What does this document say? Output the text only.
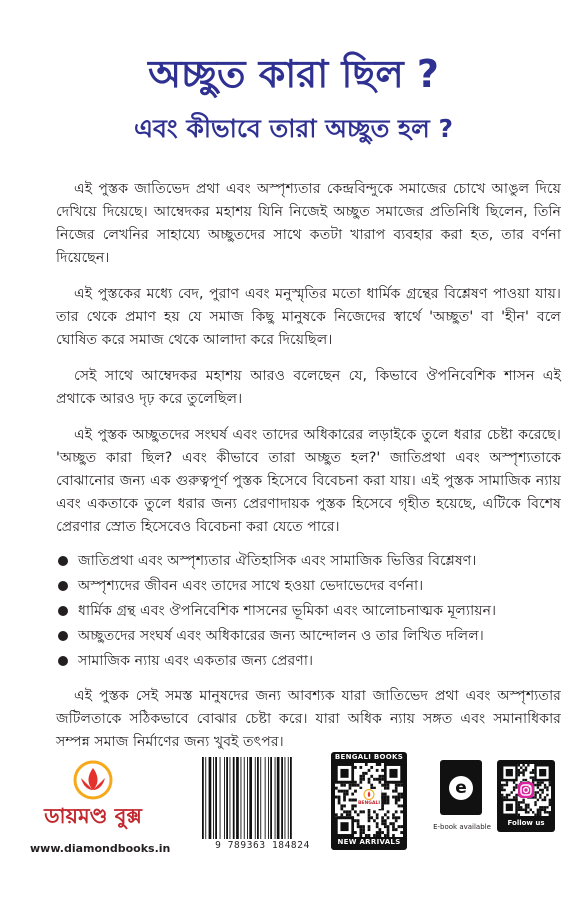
অচ্ছুত কারা ছিল ?
এবং কীভাবে তারা অচ্ছুত হল ?

এই পুস্তক জাতিভেদ প্রথা এবং অস্পৃশ্যতার কেন্দ্রবিন্দুকে সমাজের চোখে আঙুল দিয়ে দেখিয়ে দিয়েছে। আম্বেদকর মহাশয় যিনি নিজেই অচ্ছুত সমাজের প্রতিনিধি ছিলেন, তিনি নিজের লেখনির সাহায্যে অচ্ছুতদের সাথে কতটা খারাপ ব্যবহার করা হত, তার বর্ণনা দিয়েছেন।

এই পুস্তকের মধ্যে বেদ, পুরাণ এবং মনুস্মৃতির মতো ধার্মিক গ্রন্থের বিশ্লেষণ পাওয়া যায়। তার থেকে প্রমাণ হয় যে সমাজ কিছু মানুষকে নিজেদের স্বার্থে 'অচ্ছুত' বা 'হীন' বলে ঘোষিত করে সমাজ থেকে আলাদা করে দিয়েছিল।

সেই সাথে আম্বেদকর মহাশয় আরও বলেছেন যে, কিভাবে ঔপনিবেশিক শাসন এই প্রথাকে আরও দৃঢ় করে তুলেছিল।

এই পুস্তক অচ্ছুতদের সংঘর্ষ এবং তাদের অধিকারের লড়াইকে তুলে ধরার চেষ্টা করেছে। 'অচ্ছুত কারা ছিল? এবং কীভাবে তারা অচ্ছুত হল?' জাতিপ্রথা এবং অস্পৃশ্যতাকে বোঝানোর জন্য এক গুরুত্বপূর্ণ পুস্তক হিসেবে বিবেচনা করা যায়। এই পুস্তক সামাজিক ন্যায় এবং একতাকে তুলে ধরার জন্য প্রেরণাদায়ক পুস্তক হিসেবে গৃহীত হয়েছে, এটিকে বিশেষ প্রেরণার স্রোত হিসেবেও বিবেচনা করা যেতে পারে।

জাতিপ্রথা এবং অস্পৃশ্যতার ঐতিহাসিক এবং সামাজিক ভিত্তির বিশ্লেষণ।
অস্পৃশ্যদের জীবন এবং তাদের সাথে হওয়া ভেদাভেদের বর্ণনা।
ধার্মিক গ্রন্থ এবং ঔপনিবেশিক শাসনের ভূমিকা এবং আলোচনাত্মক মূল্যায়ন।
অচ্ছুতদের সংঘর্ষ এবং অধিকারের জন্য আন্দোলন ও তার লিখিত দলিল।
সামাজিক ন্যায় এবং একতার জন্য প্রেরণা।

এই পুস্তক সেই সমস্ত মানুষদের জন্য আবশ্যক যারা জাতিভেদ প্রথা এবং অস্পৃশ্যতার জটিলতাকে সঠিকভাবে বোঝার চেষ্টা করে। যারা অধিক ন্যায় সঙ্গত এবং সমানাধিকার সম্পন্ন সমাজ নির্মাণের জন্য খুবই তৎপর।

ডায়মণ্ড বুক্স
www.diamondbooks.in	9 789363 184824
BENGALI BOOKS
BENGALI
NEW ARRIVALS
e
E-book available	Follow us
